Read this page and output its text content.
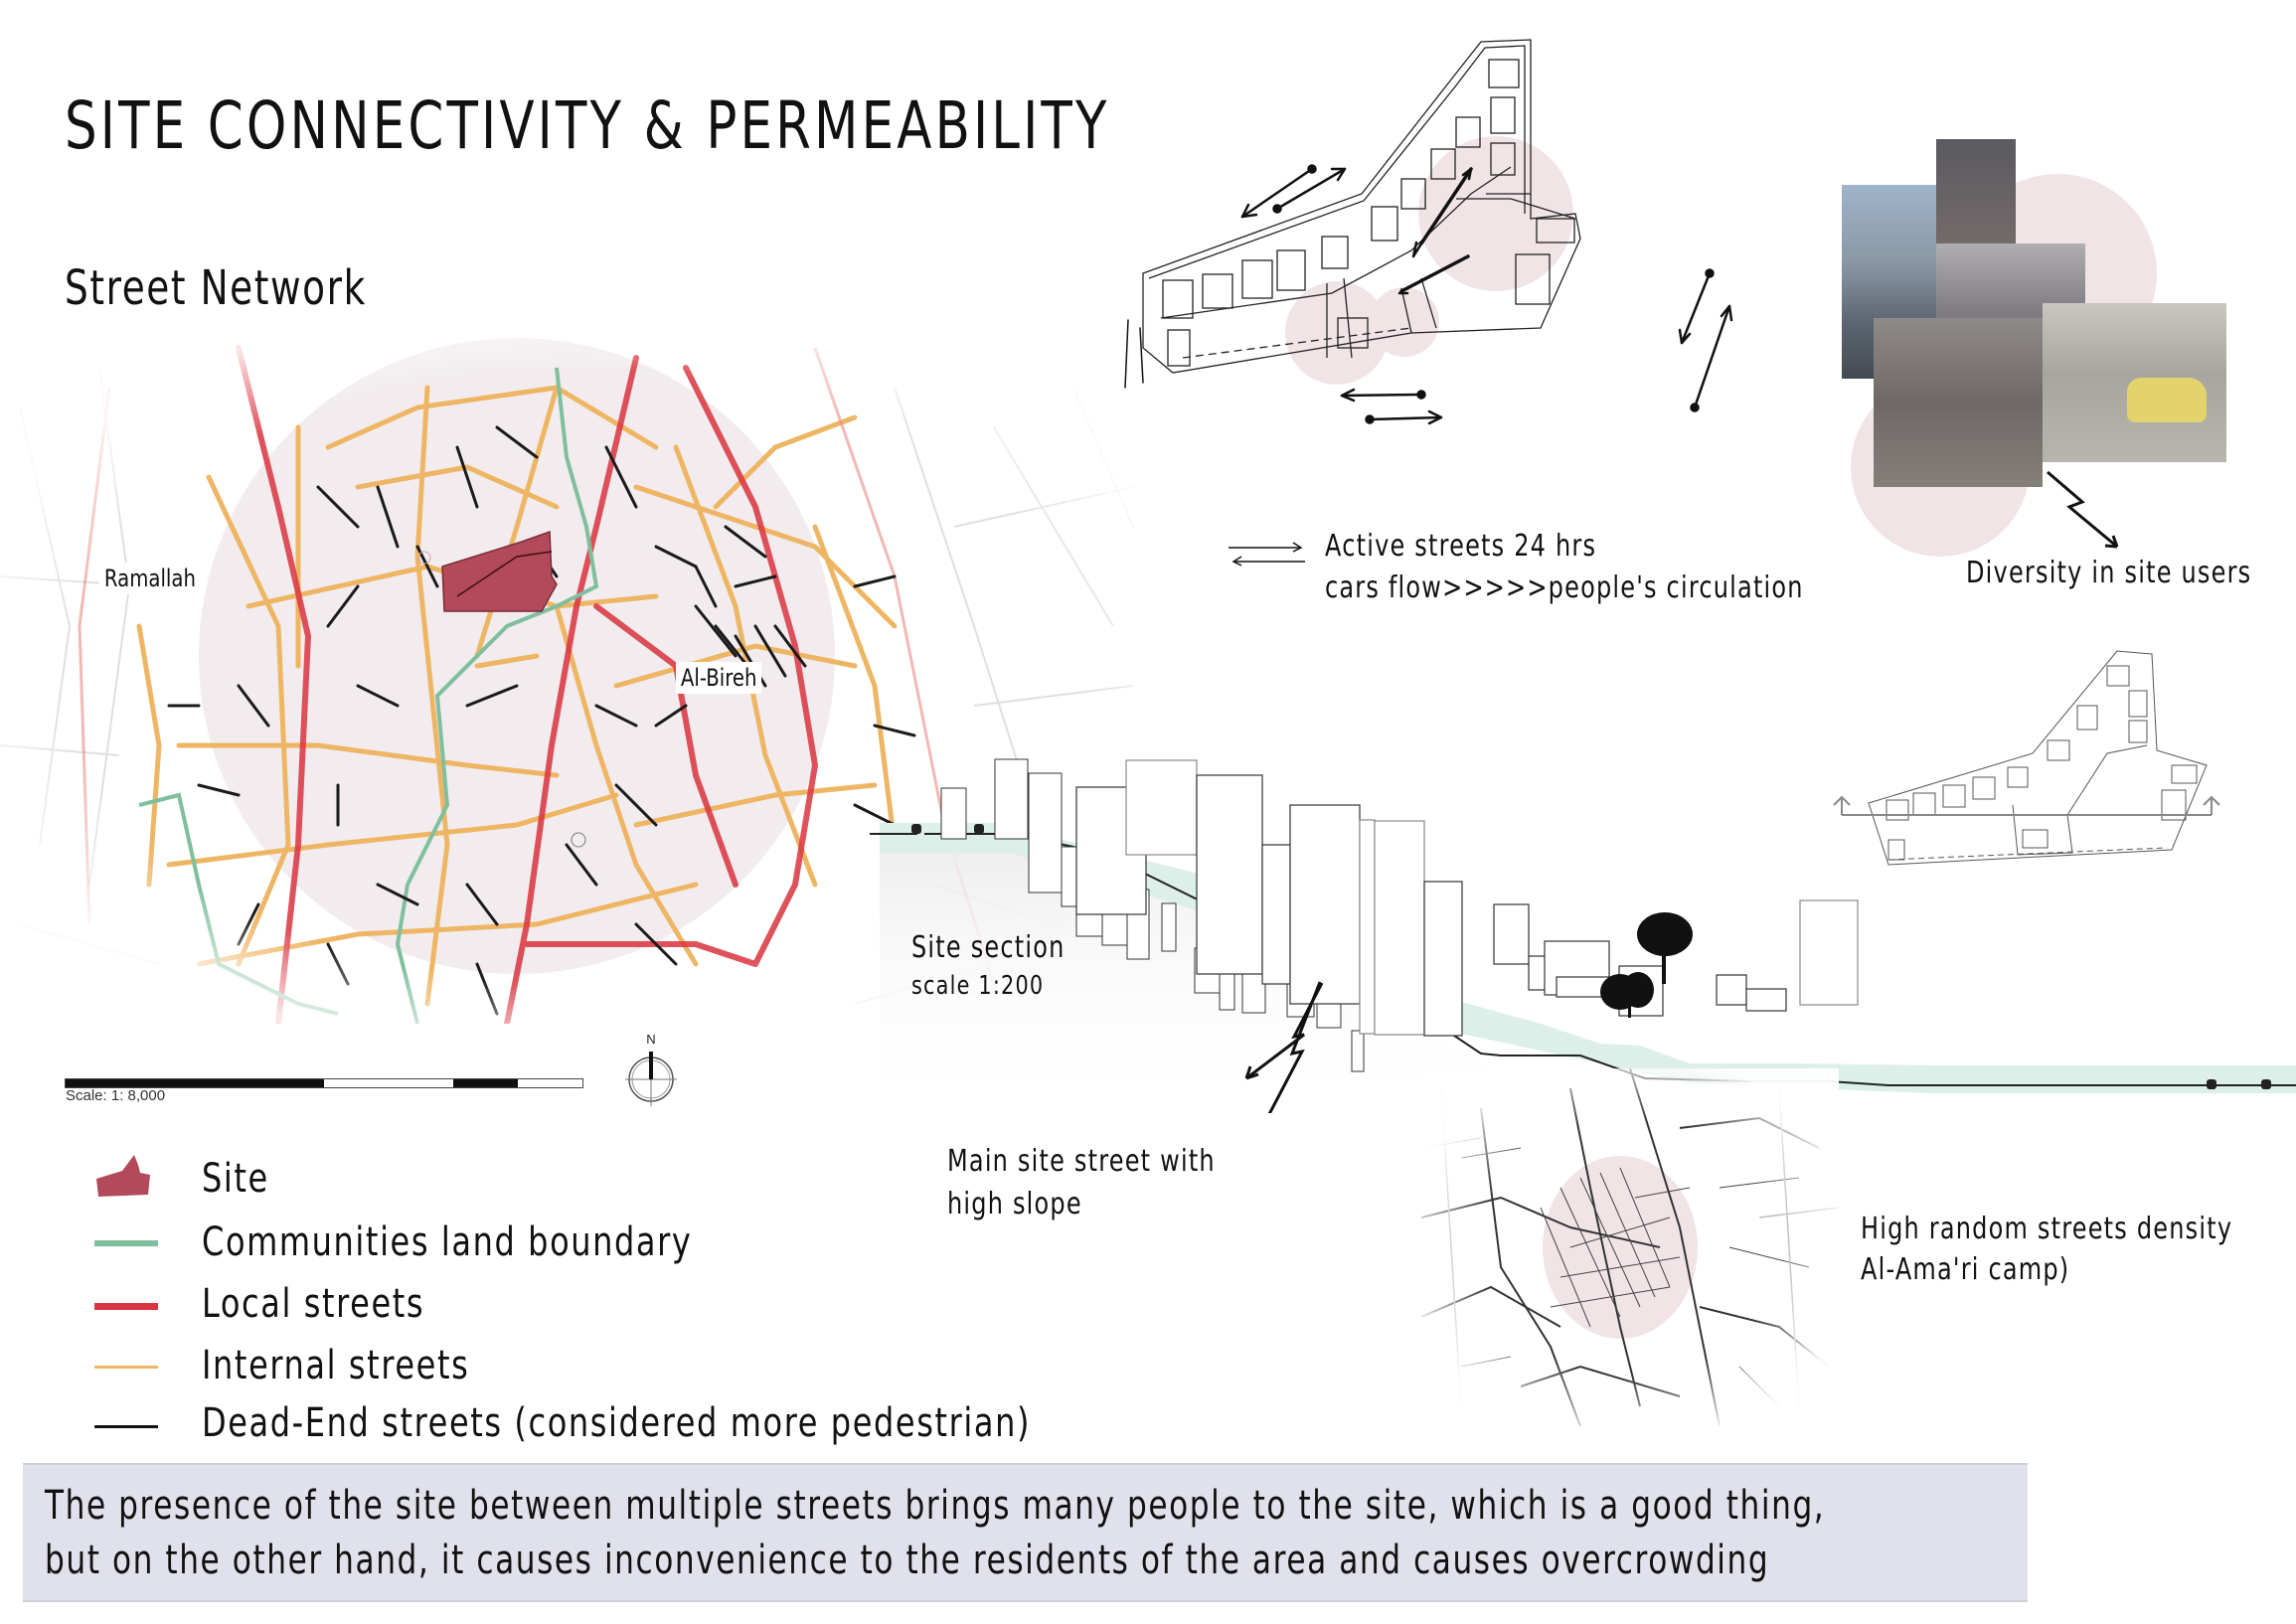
SITE CONNECTIVITY & PERMEABILITY
Street Network
Ramallah
Al-Bireh
Scale: 1: 8,000
N
Site
Communities land boundary
Local streets
Internal streets
Dead-End streets (considered more pedestrian)
Active streets 24 hrs
cars flow>>>>>people's circulation	Diversity in site users
Site section
scale 1:200
Main site street with
high slope
High random streets density
Al-Ama'ri camp)
The presence of the site between multiple streets brings many people to the site, which is a good thing,
but on the other hand, it causes inconvenience to the residents of the area and causes overcrowding
